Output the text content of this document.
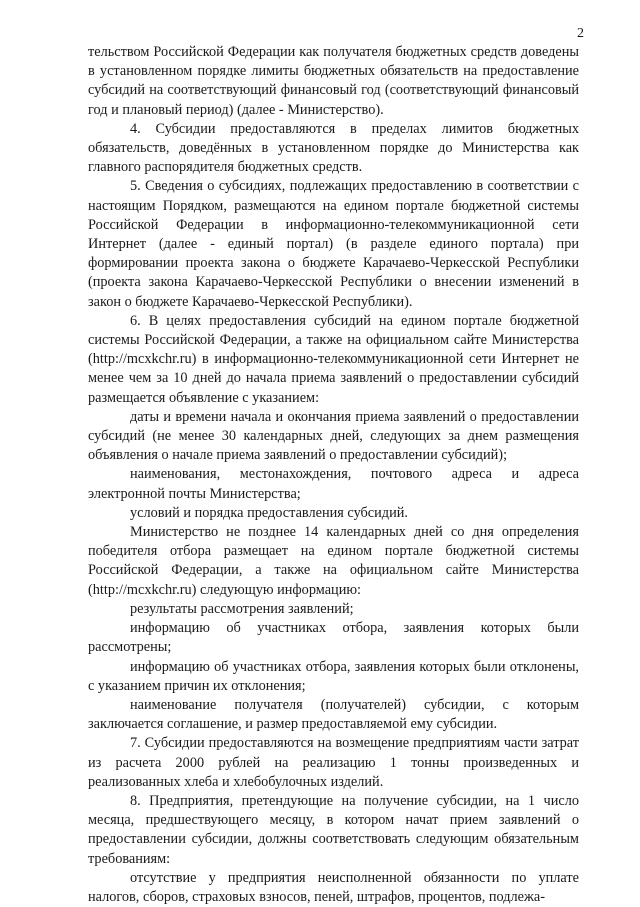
2

тельством Российской Федерации как получателя бюджетных средств доведены в установленном порядке лимиты бюджетных обязательств на предоставление субсидий на соответствующий финансовый год (соответствующий финансовый год и плановый период) (далее - Министерство).

4. Субсидии предоставляются в пределах лимитов бюджетных обязательств, доведённых в установленном порядке до Министерства как главного распорядителя бюджетных средств.

5. Сведения о субсидиях, подлежащих предоставлению в соответствии с настоящим Порядком, размещаются на едином портале бюджетной системы Российской Федерации в информационно-телекоммуникационной сети Интернет (далее - единый портал) (в разделе единого портала) при формировании проекта закона о бюджете Карачаево-Черкесской Республики (проекта закона Карачаево-Черкесской Республики о внесении изменений в закон о бюджете Карачаево-Черкесской Республики).

6. В целях предоставления субсидий на едином портале бюджетной системы Российской Федерации, а также на официальном сайте Министерства (http://mcxkchr.ru) в информационно-телекоммуникационной сети Интернет не менее чем за 10 дней до начала приема заявлений о предоставлении субсидий размещается объявление с указанием:

даты и времени начала и окончания приема заявлений о предоставлении субсидий (не менее 30 календарных дней, следующих за днем размещения объявления о начале приема заявлений о предоставлении субсидий);

наименования, местонахождения, почтового адреса и адреса электронной почты Министерства;

условий и порядка предоставления субсидий.

Министерство не позднее 14 календарных дней со дня определения победителя отбора размещает на едином портале бюджетной системы Российской Федерации, а также на официальном сайте Министерства (http://mcxkchr.ru) следующую информацию:

результаты рассмотрения заявлений;

информацию об участниках отбора, заявления которых были рассмотрены;

информацию об участниках отбора, заявления которых были отклонены, с указанием причин их отклонения;

наименование получателя (получателей) субсидии, с которым заключается соглашение, и размер предоставляемой ему субсидии.

7. Субсидии предоставляются на возмещение предприятиям части затрат из расчета 2000 рублей на реализацию 1 тонны произведенных и реализованных хлеба и хлебобулочных изделий.

8. Предприятия, претендующие на получение субсидии, на 1 число месяца, предшествующего месяцу, в котором начат прием заявлений о предоставлении субсидии, должны соответствовать следующим обязательным требованиям:

отсутствие у предприятия неисполненной обязанности по уплате налогов, сборов, страховых взносов, пеней, штрафов, процентов, подлежа-
